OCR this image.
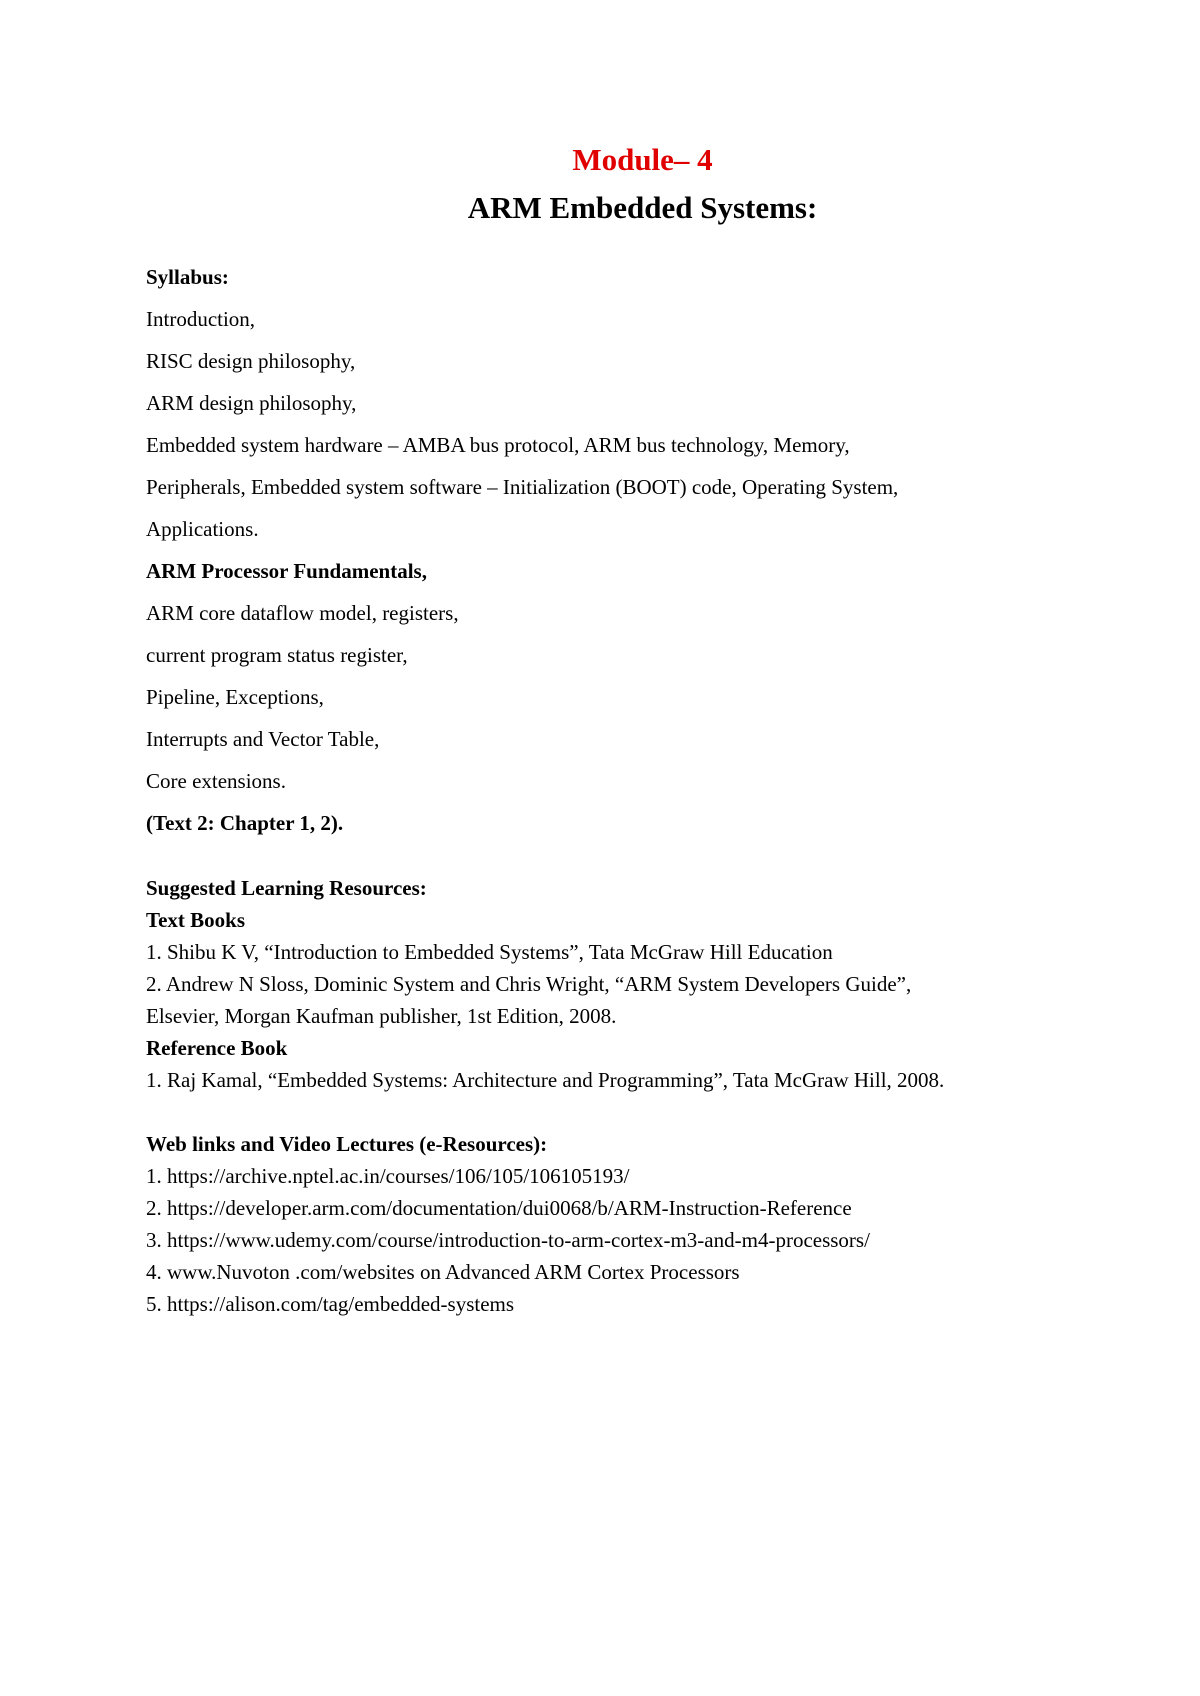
Module– 4
ARM Embedded Systems:
Syllabus:
Introduction,
RISC design philosophy,
ARM design philosophy,
Embedded system hardware – AMBA bus protocol, ARM bus technology, Memory,
Peripherals, Embedded system software – Initialization (BOOT) code, Operating System,
Applications.
ARM Processor Fundamentals,
ARM core dataflow model, registers,
current program status register,
Pipeline, Exceptions,
Interrupts and Vector Table,
Core extensions.
(Text 2: Chapter 1, 2).
Suggested Learning Resources:
Text Books
1. Shibu K V, “Introduction to Embedded Systems”, Tata McGraw Hill Education
2. Andrew N Sloss, Dominic System and Chris Wright, “ARM System Developers Guide”,
Elsevier, Morgan Kaufman publisher, 1st Edition, 2008.
Reference Book
1. Raj Kamal, “Embedded Systems: Architecture and Programming”, Tata McGraw Hill, 2008.
Web links and Video Lectures (e-Resources):
1. https://archive.nptel.ac.in/courses/106/105/106105193/
2. https://developer.arm.com/documentation/dui0068/b/ARM-Instruction-Reference
3. https://www.udemy.com/course/introduction-to-arm-cortex-m3-and-m4-processors/
4. www.Nuvoton .com/websites on Advanced ARM Cortex Processors
5. https://alison.com/tag/embedded-systems
